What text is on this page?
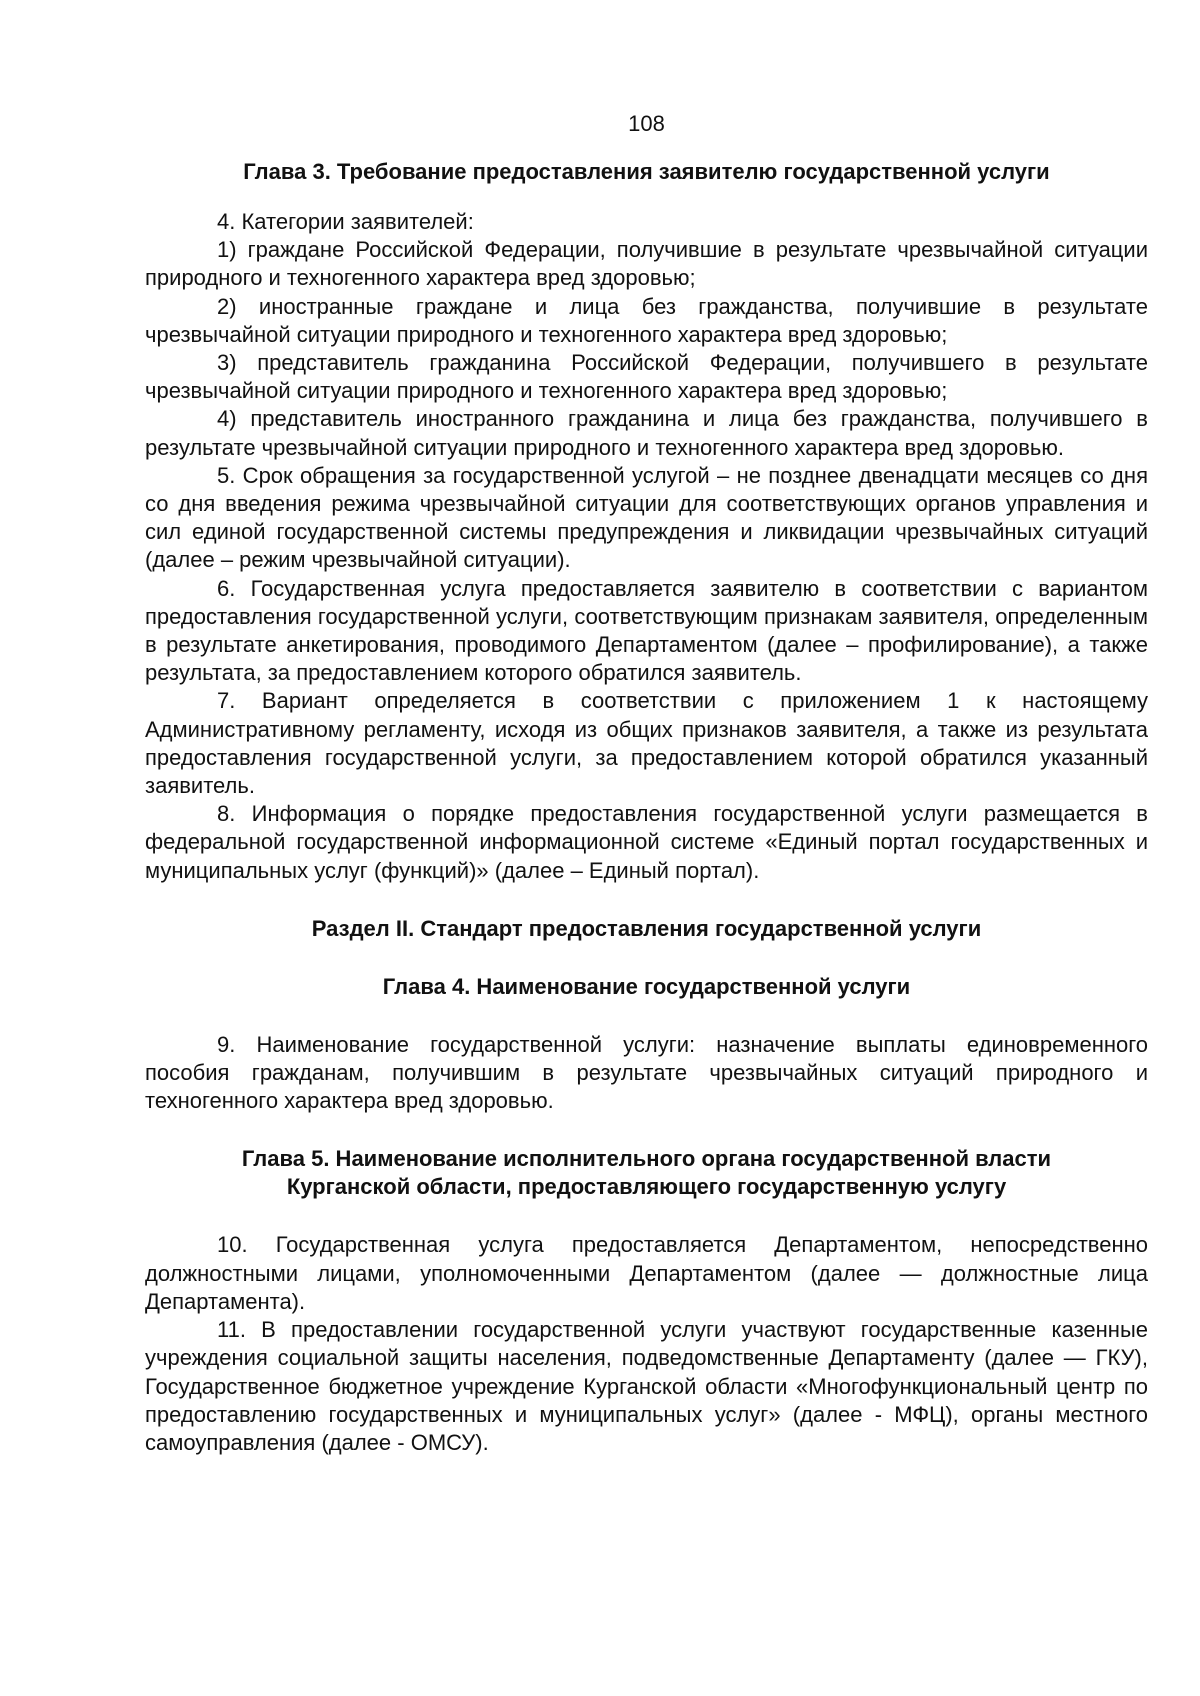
108
Глава 3. Требование предоставления заявителю государственной услуги

4. Категории заявителей:

1) граждане Российской Федерации, получившие в результате чрезвычайной ситуации природного и техногенного характера вред здоровью;

2) иностранные граждане и лица без гражданства, получившие в результате чрезвычайной ситуации природного и техногенного характера вред здоровью;

3) представитель гражданина Российской Федерации, получившего в результате чрезвычайной ситуации природного и техногенного характера вред здоровью;

4) представитель иностранного гражданина и лица без гражданства, получившего в результате чрезвычайной ситуации природного и техногенного характера вред здоровью.

5. Срок обращения за государственной услугой – не позднее двенадцати месяцев со дня со дня введения режима чрезвычайной ситуации для соответствующих органов управления и сил единой государственной системы предупреждения и ликвидации чрезвычайных ситуаций (далее – режим чрезвычайной ситуации).

6. Государственная услуга предоставляется заявителю в соответствии с вариантом предоставления государственной услуги, соответствующим признакам заявителя, определенным в результате анкетирования, проводимого Департаментом (далее – профилирование), а также результата, за предоставлением которого обратился заявитель.

7. Вариант определяется в соответствии с приложением 1 к настоящему Административному регламенту, исходя из общих признаков заявителя, а также из результата предоставления государственной услуги, за предоставлением которой обратился указанный заявитель.

8. Информация о порядке предоставления государственной услуги размещается в федеральной государственной информационной системе «Единый портал государственных и муниципальных услуг (функций)» (далее – Единый портал).

Раздел II. Стандарт предоставления государственной услуги
Глава 4. Наименование государственной услуги

9. Наименование государственной услуги: назначение выплаты единовременного пособия гражданам, получившим в результате чрезвычайных ситуаций природного и техногенного характера вред здоровью.

Глава 5. Наименование исполнительного органа государственной власти
Курганской области, предоставляющего государственную услугу

10. Государственная услуга предоставляется Департаментом, непосредственно должностными лицами, уполномоченными Департаментом (далее — должностные лица Департамента).

11. В предоставлении государственной услуги участвуют государственные казенные учреждения социальной защиты населения, подведомственные Департаменту (далее — ГКУ), Государственное бюджетное учреждение Курганской области «Многофункциональный центр по предоставлению государственных и муниципальных услуг» (далее - МФЦ), органы местного самоуправления (далее - ОМСУ).
